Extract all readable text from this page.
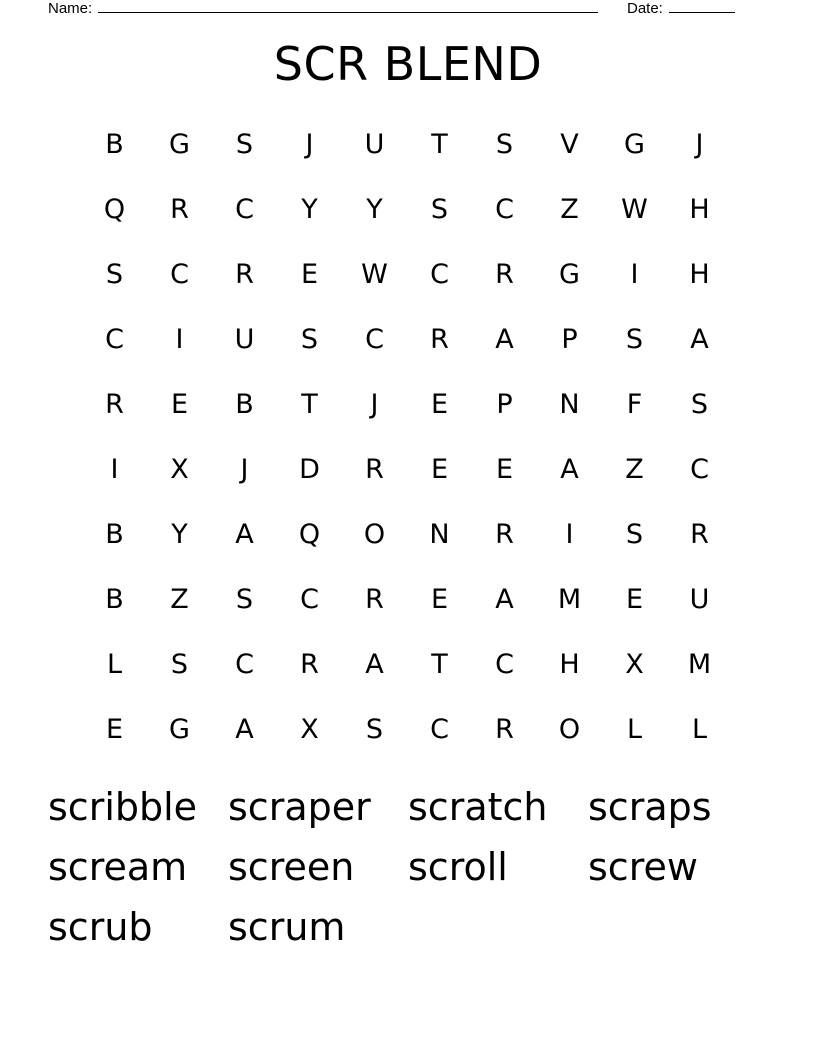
Name:	Date:
SCR BLEND
B	G	S	J	U	T	S	V	G	J
Q	R	C	Y	Y	S	C	Z	W	H
S	C	R	E	W	C	R	G	I	H
C	I	U	S	C	R	A	P	S	A
R	E	B	T	J	E	P	N	F	S
I	X	J	D	R	E	E	A	Z	C
B	Y	A	Q	O	N	R	I	S	R
B	Z	S	C	R	E	A	M	E	U
L	S	C	R	A	T	C	H	X	M
E	G	A	X	S	C	R	O	L	L
scribble scraper scratch	scraps
scream	screen	scroll	screw
scrub	scrum
